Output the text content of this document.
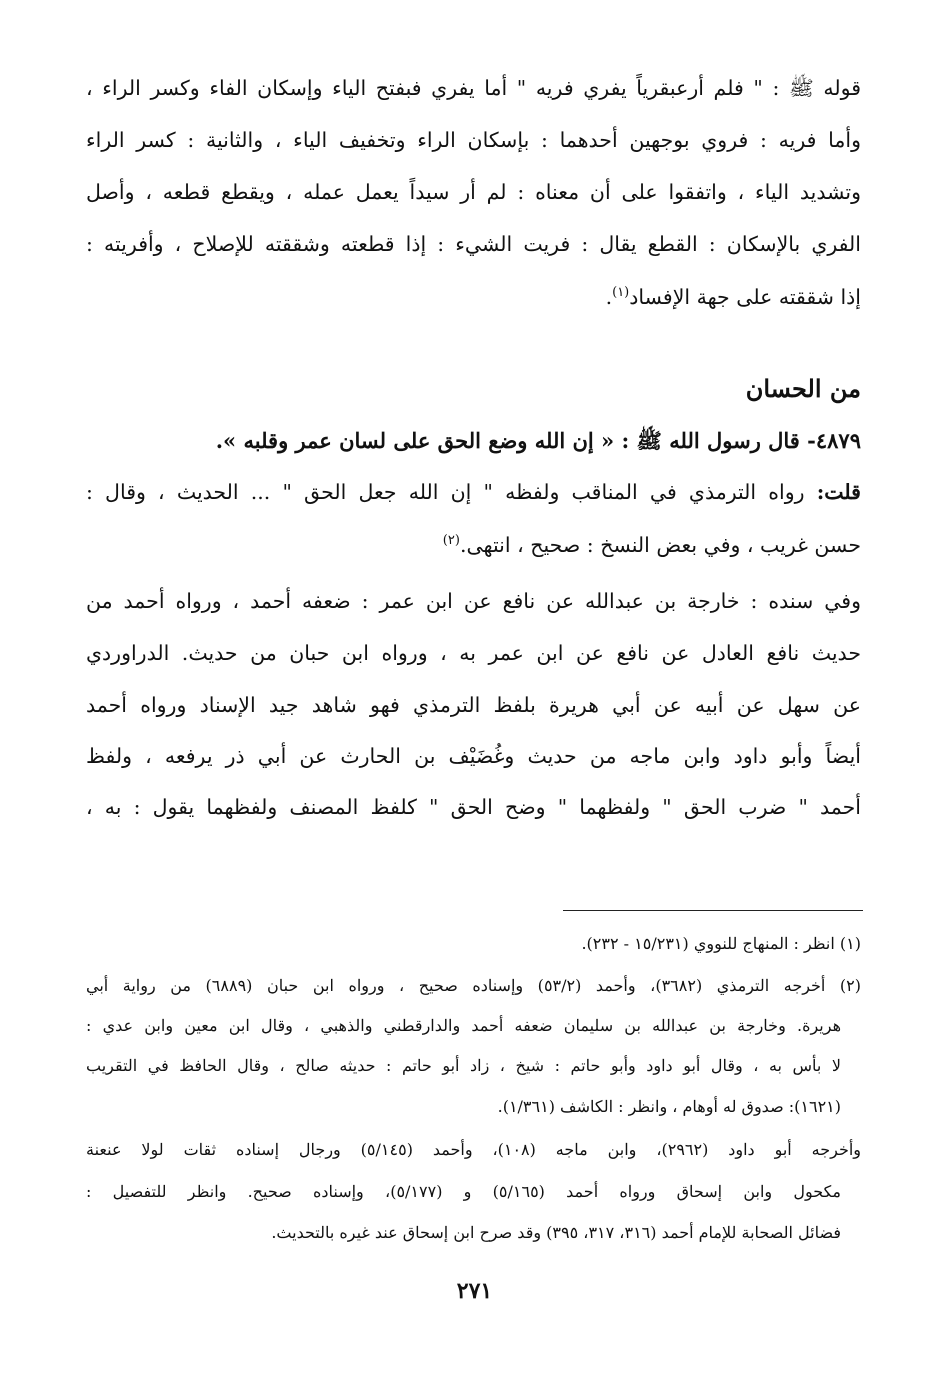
قوله ﷺ : " فلم أرعبقرياً يفري فريه " أما يفري فبفتح الياء وإسكان الفاء وكسر الراء ،
وأما فريه : فروي بوجهين أحدهما : بإسكان الراء وتخفيف الياء ، والثانية : كسر الراء
وتشديد الياء ، واتفقوا على أن معناه : لم أر سيداً يعمل عمله ، ويقطع قطعه ، وأصل
الفري بالإسكان : القطع يقال : فريت الشيء : إذا قطعته وشققته للإصلاح ، وأفريته :
إذا شققته على جهة الإفساد$^{(١)}$.
من الحسان
٤٨٧٩- قال رسول الله ﷺ : « إن الله وضع الحق على لسان عمر وقلبه ».
قلت: رواه الترمذي في المناقب ولفظه " إن الله جعل الحق " ... الحديث ، وقال :
حسن غريب ، وفي بعض النسخ : صحيح ، انتهى.$^{(٢)}$
وفي سنده : خارجة بن عبدالله عن نافع عن ابن عمر : ضعفه أحمد ، ورواه أحمد من
حديث نافع العادل عن نافع عن ابن عمر به ، ورواه ابن حبان من حديث. الدراوردي
عن سهل عن أبيه عن أبي هريرة بلفظ الترمذي فهو شاهد جيد الإسناد ورواه أحمد
أيضاً وأبو داود وابن ماجه من حديث وغُضَيْف بن الحارث عن أبي ذر يرفعه ، ولفظ
أحمد " ضرب الحق " ولفظهما " وضح الحق " كلفظ المصنف ولفظهما يقول : به ،
(١) انظر : المنهاج للنووي (١٥/٢٣١ - ٢٣٢).
(٢) أخرجه الترمذي (٣٦٨٢)، وأحمد (٥٣/٢) وإسناده صحيح ، ورواه ابن حبان (٦٨٨٩) من رواية أبي
هريرة. وخارجة بن عبدالله بن سليمان ضعفه أحمد والدارقطني والذهبي ، وقال ابن معين وابن عدي :
لا بأس به ، وقال أبو داود وأبو حاتم : شيخ ، زاد أبو حاتم : حديثه صالح ، وقال الحافظ في التقريب
(١٦٢١): صدوق له أوهام ، وانظر : الكاشف (١/٣٦١).
وأخرجه أبو داود (٢٩٦٢)، وابن ماجه (١٠٨)، وأحمد (٥/١٤٥) ورجال إسناده ثقات لولا عنعنة
مكحول وابن إسحاق ورواه أحمد (٥/١٦٥) و (٥/١٧٧)، وإسناده صحيح. وانظر للتفصيل :
فضائل الصحابة للإمام أحمد (٣١٦، ٣١٧، ٣٩٥) وقد صرح ابن إسحاق عند غيره بالتحديث.
٢٧١
